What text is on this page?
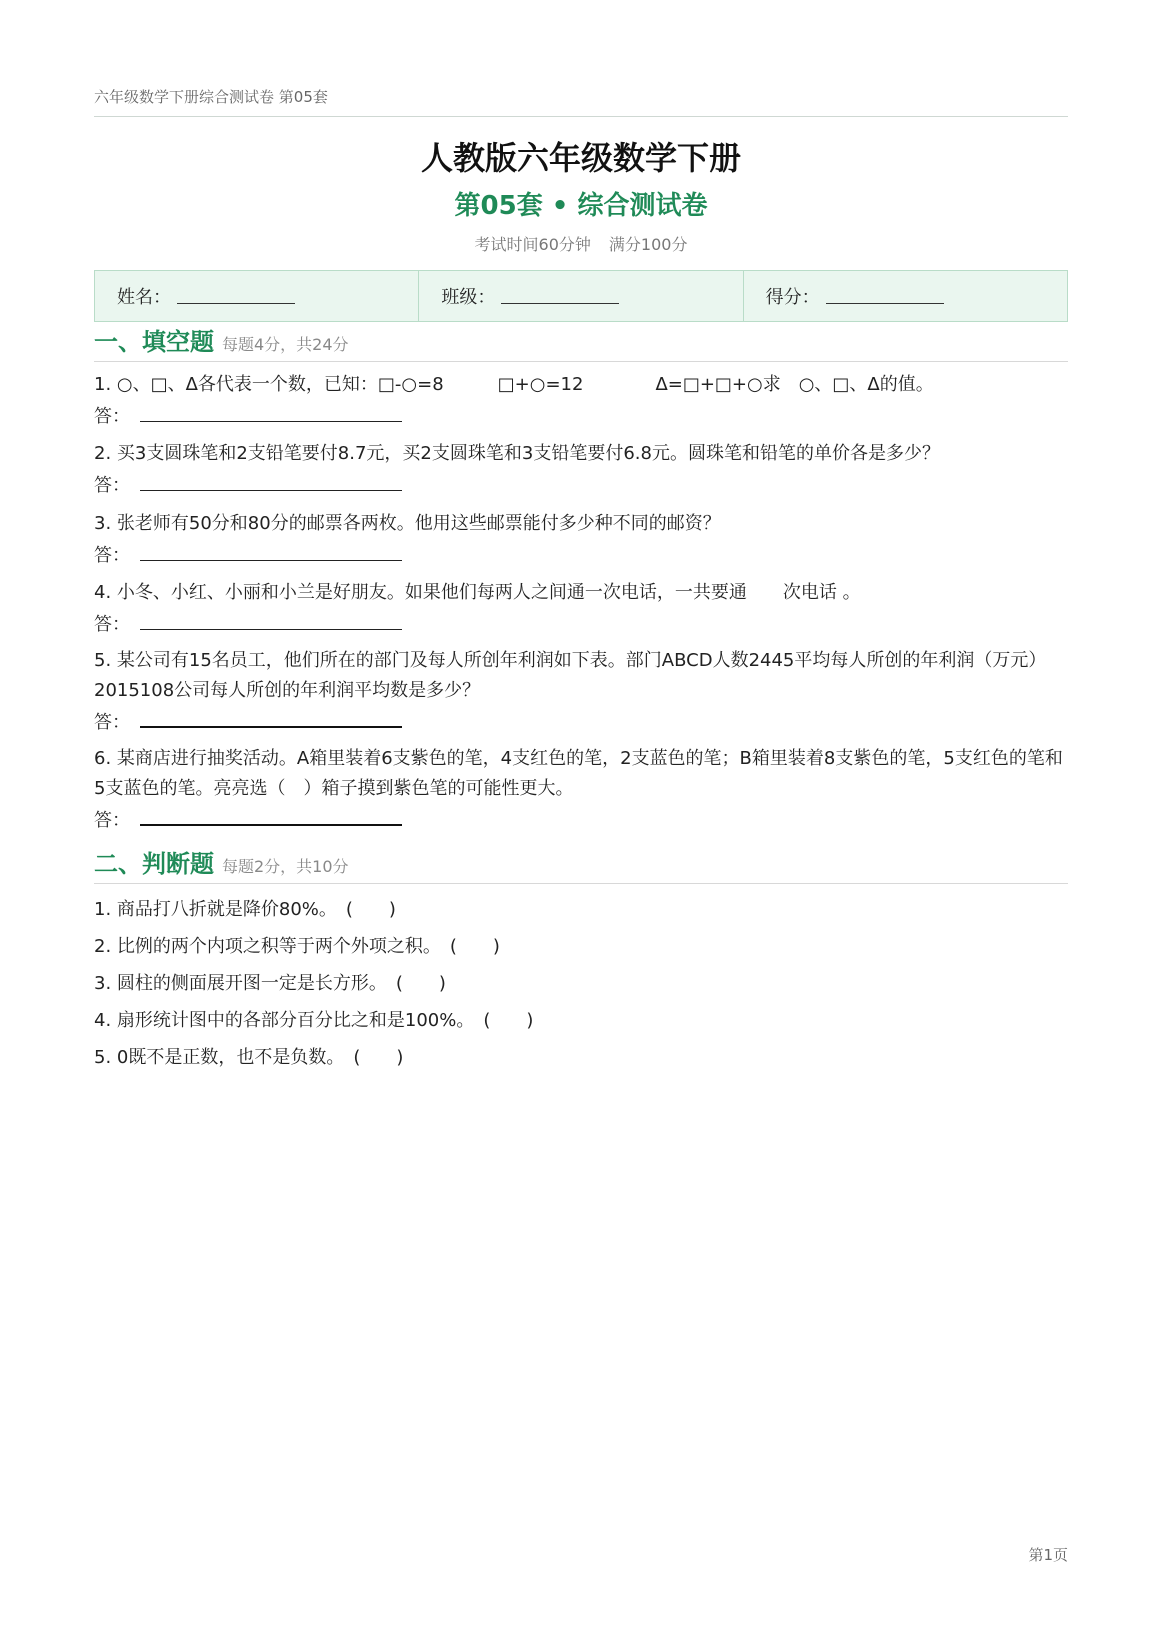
六年级数学下册综合测试卷 第05套
人教版六年级数学下册
第05套 • 综合测试卷
考试时间60分钟 满分100分
姓名：	班级：	得分：
一、填空题 每题4分，共24分
1. ○、□、Δ各代表一个数，已知：□-○=8　　　□+○=12　　　　Δ=□+□+○求　○、□、Δ的值。
答：
2. 买3支圆珠笔和2支铅笔要付8.7元，买2支圆珠笔和3支铅笔要付6.8元。圆珠笔和铅笔的单价各是多少？
答：
3. 张老师有50分和80分的邮票各两枚。他用这些邮票能付多少种不同的邮资？
答：
4. 小冬、小红、小丽和小兰是好朋友。如果他们每两人之间通一次电话，一共要通　　次电话 。
答：
5. 某公司有15名员工，他们所在的部门及每人所创年利润如下表。部门ABCD人数2445平均每人所创的年利润（万元）2015108公司每人所创的年利润平均数是多少？
答：
6. 某商店进行抽奖活动。A箱里装着6支紫色的笔，4支红色的笔，2支蓝色的笔；B箱里装着8支紫色的笔，5支红色的笔和5支蓝色的笔。亮亮选（　）箱子摸到紫色笔的可能性更大。
答：
二、判断题 每题2分，共10分
1. 商品打八折就是降价80%。　(　　)
2. 比例的两个内项之积等于两个外项之积。　(　　)
3. 圆柱的侧面展开图一定是长方形。　(　　)
4. 扇形统计图中的各部分百分比之和是100%。　(　　)
5. 0既不是正数，也不是负数。　(　　)
第1页
